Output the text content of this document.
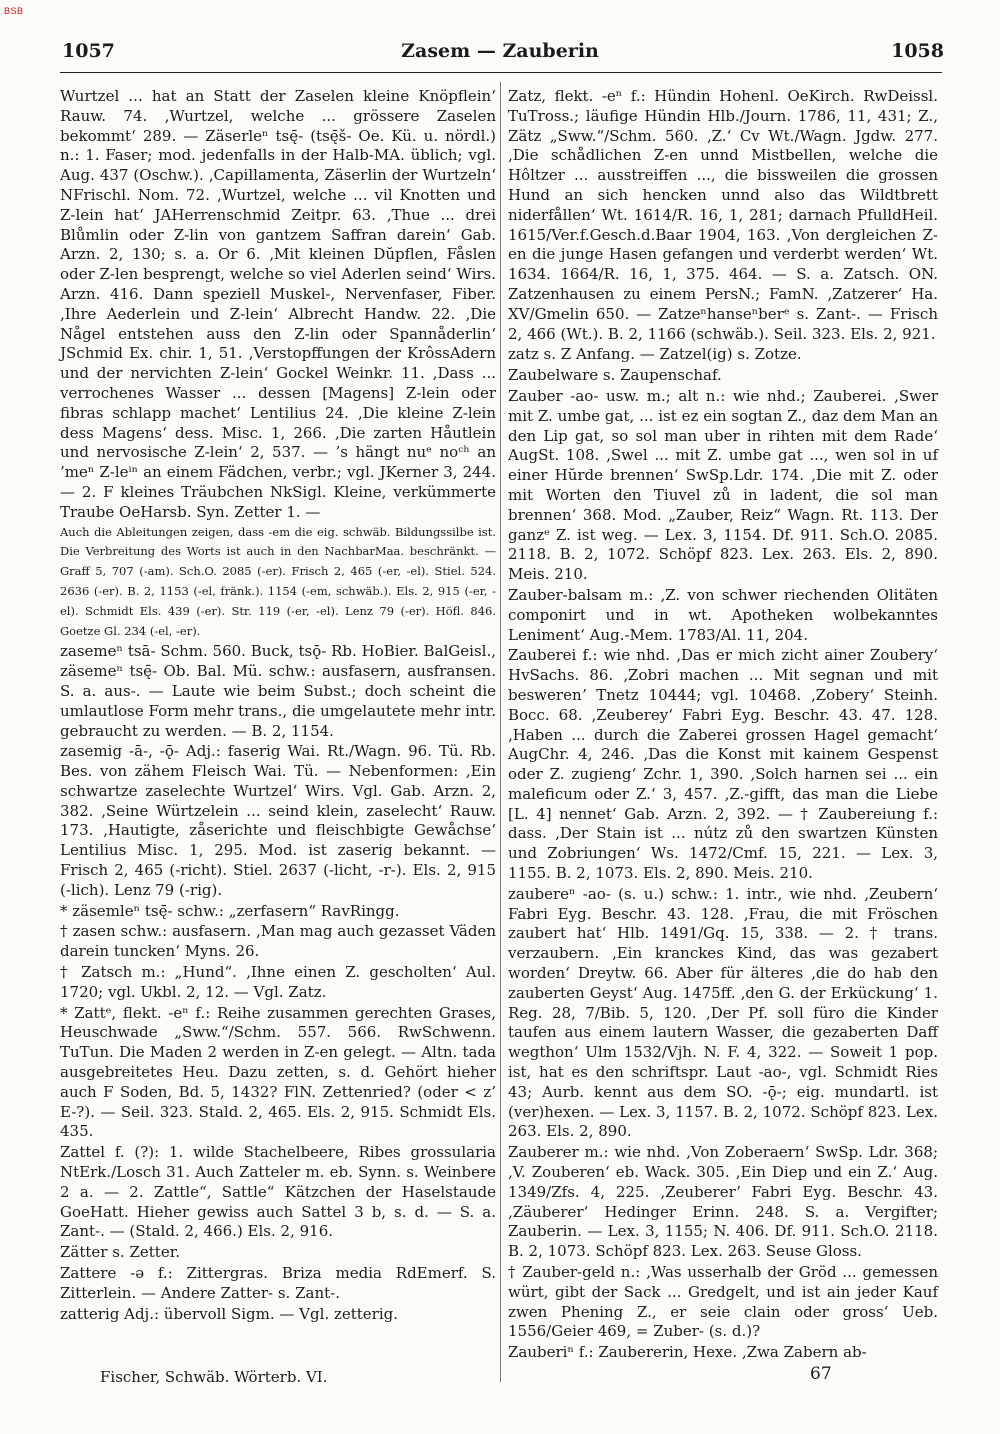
BSB
1057	Zasem — Zauberin	1058

Wurtzel ... hat an Statt der Zaselen kleine Knöpflein‘ Rauw. 74. ‚Wurtzel, welche ... grössere Zaselen bekommt‘ 289. — Zäserleⁿ tsę̄- (tsę̄š- Oe. Kü. u. nördl.) n.: 1. Faser; mod. jedenfalls in der Halb-MA. üblich; vgl. Aug. 437 (Oschw.). ‚Capillamenta, Zäserlin der Wurtzeln‘ NFrischl. Nom. 72. ‚Wurtzel, welche ... vil Knotten und Z-lein hat‘ JAHerrenschmid Zeitpr. 63. ‚Thue ... drei Blůmlin oder Z-lin von gantzem Saffran darein‘ Gab. Arzn. 2, 130; s. a. Or 6. ‚Mit kleinen Dŭpflen, Fåslen oder Z-len besprengt, welche so viel Aderlen seind‘ Wirs. Arzn. 416. Dann speziell Muskel-, Nervenfaser, Fiber. ‚Ihre Aederlein und Z-lein‘ Albrecht Handw. 22. ‚Die Någel entstehen auss den Z-lin oder Spannåderlin‘ JSchmid Ex. chir. 1, 51. ‚Verstopffungen der KrôssAdern und der nervichten Z-lein‘ Gockel Weinkr. 11. ‚Dass ... verrochenes Wasser ... dessen [Magens] Z-lein oder fibras schlapp machet‘ Lentilius 24. ‚Die kleine Z-lein dess Magens‘ dess. Misc. 1, 266. ‚Die zarten Håutlein und nervosische Z-lein‘ 2, 537. — ’s hängt nuᵉ noᶜʰ an ’meⁿ Z-leⁱⁿ an einem Fädchen, verbr.; vgl. JKerner 3, 244. — 2. F kleines Träubchen NkSigl. Kleine, verkümmerte Traube OeHarsb. Syn. Zetter 1. —

Auch die Ableitungen zeigen, dass -em die eig. schwäb. Bildungssilbe ist. Die Verbreitung des Worts ist auch in den NachbarMaa. beschränkt. — Graff 5, 707 (-am). Sch.O. 2085 (-er). Frisch 2, 465 (-er, -el). Stiel. 524. 2636 (-er). B. 2, 1153 (-el, fränk.). 1154 (-em, schwäb.). Els. 2, 915 (-er, -el). Schmidt Els. 439 (-er). Str. 119 (-er, -el). Lenz 79 (-er). Höfl. 846. Goetze Gl. 234 (-el, -er).

zasemeⁿ tsā- Schm. 560. Buck, tsǭ- Rb. HoBier. BalGeisl., zäsemeⁿ tsę̄- Ob. Bal. Mü. schw.: ausfasern, ausfransen. S. a. aus-. — Laute wie beim Subst.; doch scheint die umlautlose Form mehr trans., die umgelautete mehr intr. gebraucht zu werden. — B. 2, 1154.

zasemig -ā-, -ǭ- Adj.: faserig Wai. Rt./Wagn. 96. Tü. Rb. Bes. von zähem Fleisch Wai. Tü. — Nebenformen: ‚Ein schwartze zaselechte Wurtzel‘ Wirs. Vgl. Gab. Arzn. 2, 382. ‚Seine Würtzelein ... seind klein, zaselecht‘ Rauw. 173. ‚Hautigte, zåserichte und fleischbigte Gewåchse‘ Lentilius Misc. 1, 295. Mod. ist zaserig bekannt. — Frisch 2, 465 (-richt). Stiel. 2637 (-licht, -r-). Els. 2, 915 (-lich). Lenz 79 (-rig).

* zäsemleⁿ tsę̄- schw.: „zerfasern“ RavRingg.

† zasen schw.: ausfasern. ‚Man mag auch gezasset Väden darein tuncken‘ Myns. 26.

† Zatsch m.: „Hund“. ‚Ihne einen Z. gescholten‘ Aul. 1720; vgl. Ukbl. 2, 12. — Vgl. Zatz.

* Zattᵉ, flekt. -eⁿ f.: Reihe zusammen gerechten Grases, Heuschwade „Sww.“/Schm. 557. 566. RwSchwenn. TuTun. Die Maden 2 werden in Z-en gelegt. — Altn. tada ausgebreitetes Heu. Dazu zetten, s. d. Gehört hieher auch F Soden, Bd. 5, 1432? FlN. Zettenried? (oder < z’ E-?). — Seil. 323. Stald. 2, 465. Els. 2, 915. Schmidt Els. 435.

Zattel f. (?): 1. wilde Stachelbeere, Ribes grossularia NtErk./Losch 31. Auch Zatteler m. eb. Synn. s. Weinbere 2 a. — 2. Zattle“, Sattle“ Kätzchen der Haselstaude GoeHatt. Hieher gewiss auch Sattel 3 b, s. d. — S. a. Zant-. — (Stald. 2, 466.) Els. 2, 916.

Zätter s. Zetter.

Zattere -ə f.: Zittergras. Briza media RdEmerf. S. Zitterlein. — Andere Zatter- s. Zant-.

zatterig Adj.: übervoll Sigm. — Vgl. zetterig.

Zatz, flekt. -eⁿ f.: Hündin Hohenl. OeKirch. RwDeissl. TuTross.; läufige Hündin Hlb./Journ. 1786, 11, 431; Z., Zätz „Sww.“/Schm. 560. ‚Z.‘ Cv Wt./Wagn. Jgdw. 277. ‚Die schådlichen Z-en unnd Mistbellen, welche die Hôltzer ... ausstreiffen ..., die bissweilen die grossen Hund an sich hencken unnd also das Wildtbrett niderfållen‘ Wt. 1614/R. 16, 1, 281; darnach PfulldHeil. 1615/Ver.f.Gesch.d.Baar 1904, 163. ‚Von dergleichen Z-en die junge Hasen gefangen und verderbt werden‘ Wt. 1634. 1664/R. 16, 1, 375. 464. — S. a. Zatsch. ON. Zatzenhausen zu einem PersN.; FamN. ‚Zatzerer‘ Ha. XV/Gmelin 650. — Zatzeⁿhanseⁿberᵉ s. Zant-. — Frisch 2, 466 (Wt.). B. 2, 1166 (schwäb.). Seil. 323. Els. 2, 921.

zatz s. Z Anfang. — Zatzel(ig) s. Zotze.

Zaubelware s. Zaupenschaf.

Zauber -ao- usw. m.; alt n.: wie nhd.; Zauberei. ‚Swer mit Z. umbe gat, ... ist ez ein sogtan Z., daz dem Man an den Lip gat, so sol man uber in rihten mit dem Rade‘ AugSt. 108. ‚Swel ... mit Z. umbe gat ..., wen sol in uf einer Hŭrde brennen‘ SwSp.Ldr. 174. ‚Die mit Z. oder mit Worten den Tiuvel zů in ladent, die sol man brennen‘ 368. Mod. „Zauber, Reiz“ Wagn. Rt. 113. Der ganzᵉ Z. ist weg. — Lex. 3, 1154. Df. 911. Sch.O. 2085. 2118. B. 2, 1072. Schöpf 823. Lex. 263. Els. 2, 890. Meis. 210.

Zauber-balsam m.: ‚Z. von schwer riechenden Olitäten componirt und in wt. Apotheken wolbekanntes Leniment‘ Aug.-Mem. 1783/Al. 11, 204.

Zauberei f.: wie nhd. ‚Das er mich zicht ainer Zoubery‘ HvSachs. 86. ‚Zobri machen ... Mit segnan und mit beswerenʼ Tnetz 10444; vgl. 10468. ‚Zobery‘ Steinh. Bocc. 68. ‚Zeuberey‘ Fabri Eyg. Beschr. 43. 47. 128. ‚Haben ... durch die Zaberei grossen Hagel gemacht‘ AugChr. 4, 246. ‚Das die Konst mit kainem Gespenst oder Z. zugieng‘ Zchr. 1, 390. ‚Solch harnen sei ... ein maleficum oder Z.‘ 3, 457. ‚Z.-gifft, das man die Liebe [L. 4] nennet‘ Gab. Arzn. 2, 392. — † Zaubereiung f.: dass. ‚Der Stain ist ... nútz zů den swartzen Künsten und Zobriungen‘ Ws. 1472/Cmf. 15, 221. — Lex. 3, 1155. B. 2, 1073. Els. 2, 890. Meis. 210.

zaubereⁿ -ao- (s. u.) schw.: 1. intr., wie nhd. ‚Zeubern‘ Fabri Eyg. Beschr. 43. 128. ‚Frau, die mit Fröschen zaubert hat‘ Hlb. 1491/Gq. 15, 338. — 2. † trans. verzaubern. ‚Ein kranckes Kind, das was gezabert worden‘ Dreytw. 66. Aber für älteres ‚die do hab den zauberten Geyst‘ Aug. 1475ff. ‚den G. der Erkückung‘ 1. Reg. 28, 7/Bib. 5, 120. ‚Der Pf. soll füro die Kinder taufen aus einem lautern Wasser, die gezaberten Daff wegthon‘ Ulm 1532/Vjh. N. F. 4, 322. — Soweit 1 pop. ist, hat es den schriftspr. Laut -ao-, vgl. Schmidt Ries 43; Aurb. kennt aus dem SO. -ǭ-; eig. mundartl. ist (ver)hexen. — Lex. 3, 1157. B. 2, 1072. Schöpf 823. Lex. 263. Els. 2, 890.

Zauberer m.: wie nhd. ‚Von Zoberaern‘ SwSp. Ldr. 368; ‚V. Zouberen‘ eb. Wack. 305. ‚Ein Diep und ein Z.‘ Aug. 1349/Zfs. 4, 225. ‚Zeubererʼ Fabri Eyg. Beschr. 43. ‚Zäuberer‘ Hedinger Erinn. 248. S. a. Vergifter; Zauberin. — Lex. 3, 1155; N. 406. Df. 911. Sch.O. 2118. B. 2, 1073. Schöpf 823. Lex. 263. Seuse Gloss.

† Zauber-geld n.: ‚Was usserhalb der Gröd ... gemessen würt, gibt der Sack ... Gredgelt, und ist ain jeder Kauf zwen Phening Z., er seie clain oder gross‘ Ueb. 1556/Geier 469, = Zuber- (s. d.)?

Zauberiⁿ f.: Zaubererin, Hexe. ‚Zwa Zabern ab-

Fischer, Schwäb. Wörterb. VI.	67
